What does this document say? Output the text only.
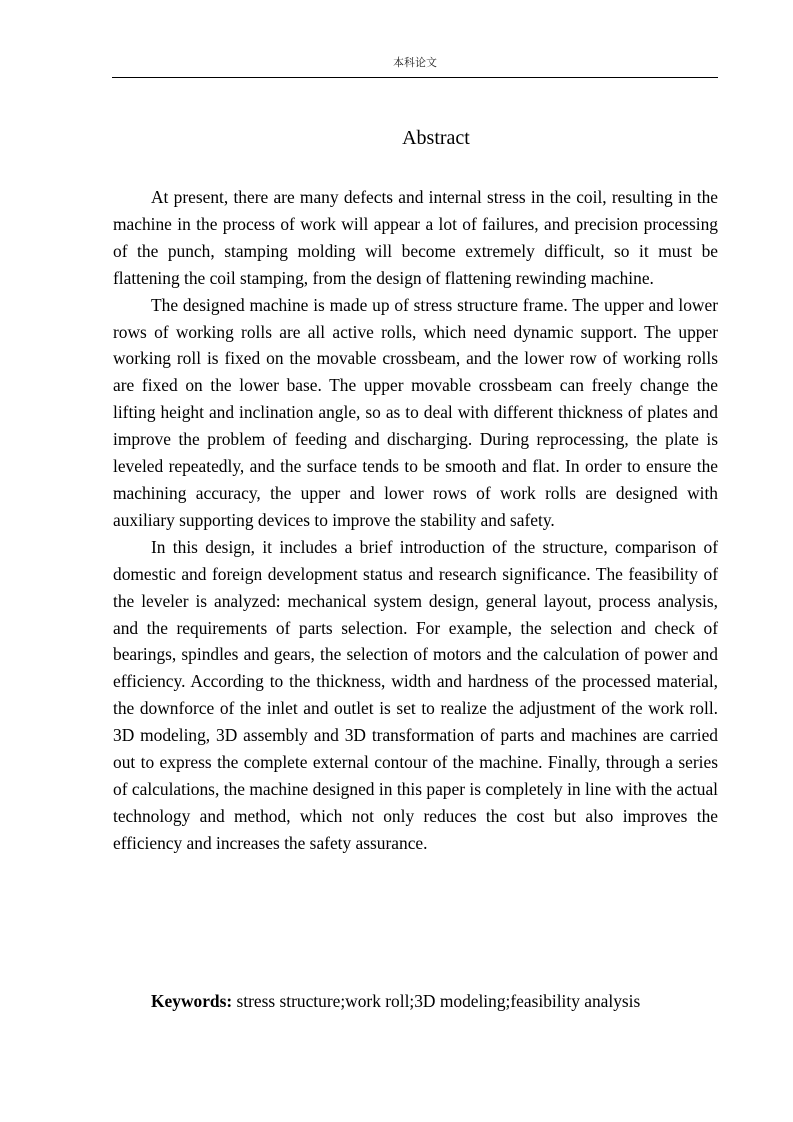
本科论文
Abstract

At present, there are many defects and internal stress in the coil, resulting in the machine in the process of work will appear a lot of failures, and precision processing of the punch, stamping molding will become extremely difficult, so it must be flattening the coil stamping, from the design of flattening rewinding machine.

The designed machine is made up of stress structure frame. The upper and lower rows of working rolls are all active rolls, which need dynamic support. The upper working roll is fixed on the movable crossbeam, and the lower row of working rolls are fixed on the lower base. The upper movable crossbeam can freely change the lifting height and inclination angle, so as to deal with different thickness of plates and improve the problem of feeding and discharging. During reprocessing, the plate is leveled repeatedly, and the surface tends to be smooth and flat. In order to ensure the machining accuracy, the upper and lower rows of work rolls are designed with auxiliary supporting devices to improve the stability and safety.

In this design, it includes a brief introduction of the structure, comparison of domestic and foreign development status and research significance. The feasibility of the leveler is analyzed: mechanical system design, general layout, process analysis, and the requirements of parts selection. For example, the selection and check of bearings, spindles and gears, the selection of motors and the calculation of power and efficiency. According to the thickness, width and hardness of the processed material, the downforce of the inlet and outlet is set to realize the adjustment of the work roll. 3D modeling, 3D assembly and 3D transformation of parts and machines are carried out to express the complete external contour of the machine. Finally, through a series of calculations, the machine designed in this paper is completely in line with the actual technology and method, which not only reduces the cost but also improves the efficiency and increases the safety assurance.

Keywords: stress structure;work roll;3D modeling;feasibility analysis
